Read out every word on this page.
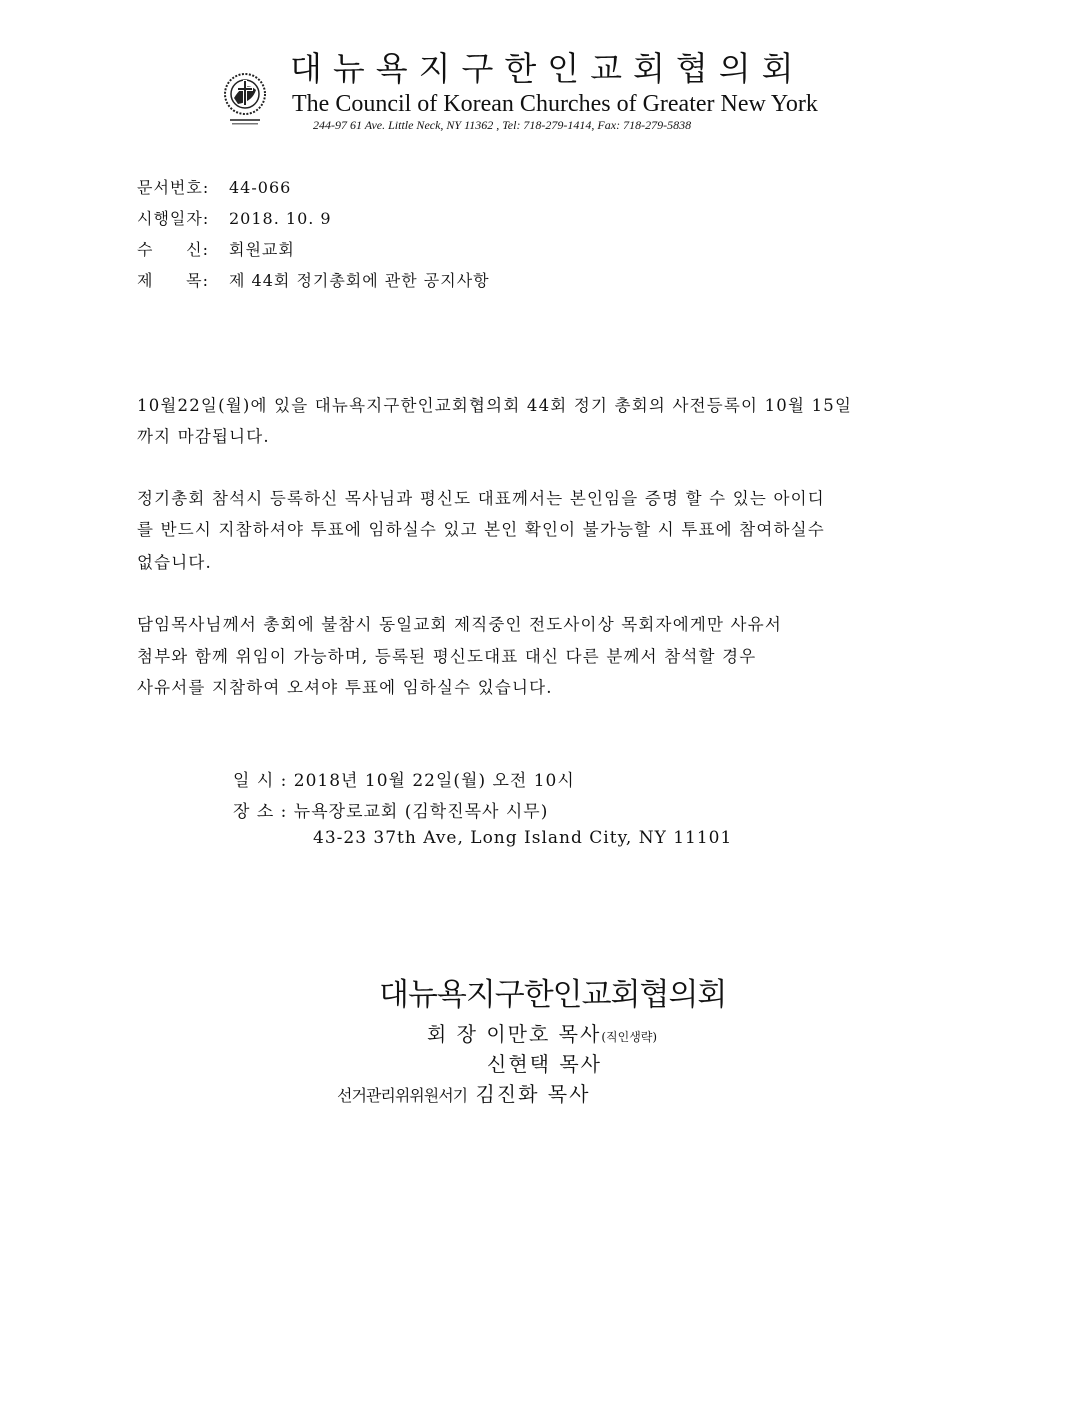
대뉴욕지구한인교회협의회
The Council of Korean Churches of Greater New York
244-97 61 Ave. Little Neck, NY 11362 , Tel: 718-279-1414, Fax: 718-279-5838
문서번호: 44-066
시행일자: 2018. 10. 9
수 신: 회원교회
제 목: 제 44회 정기총회에 관한 공지사항
10월22일(월)에 있을 대뉴욕지구한인교회협의회 44회 정기 총회의 사전등록이 10월 15일
까지 마감됩니다.
정기총회 참석시 등록하신 목사님과 평신도 대표께서는 본인임을 증명 할 수 있는 아이디
를 반드시 지참하셔야 투표에 임하실수 있고 본인 확인이 불가능할 시 투표에 참여하실수
없습니다.
담임목사님께서 총회에 불참시 동일교회 제직중인 전도사이상 목회자에게만 사유서
첨부와 함께 위임이 가능하며, 등록된 평신도대표 대신 다른 분께서 참석할 경우
사유서를 지참하여 오셔야 투표에 임하실수 있습니다.
일 시 : 2018년 10월 22일(월) 오전 10시
장 소 : 뉴욕장로교회 (김학진목사 시무)
43-23 37th Ave, Long Island City, NY 11101
대뉴욕지구한인교회협의회
회 장 이만호 목사(직인생략)
신현택 목사
선거관리위위원서기 김진화 목사
